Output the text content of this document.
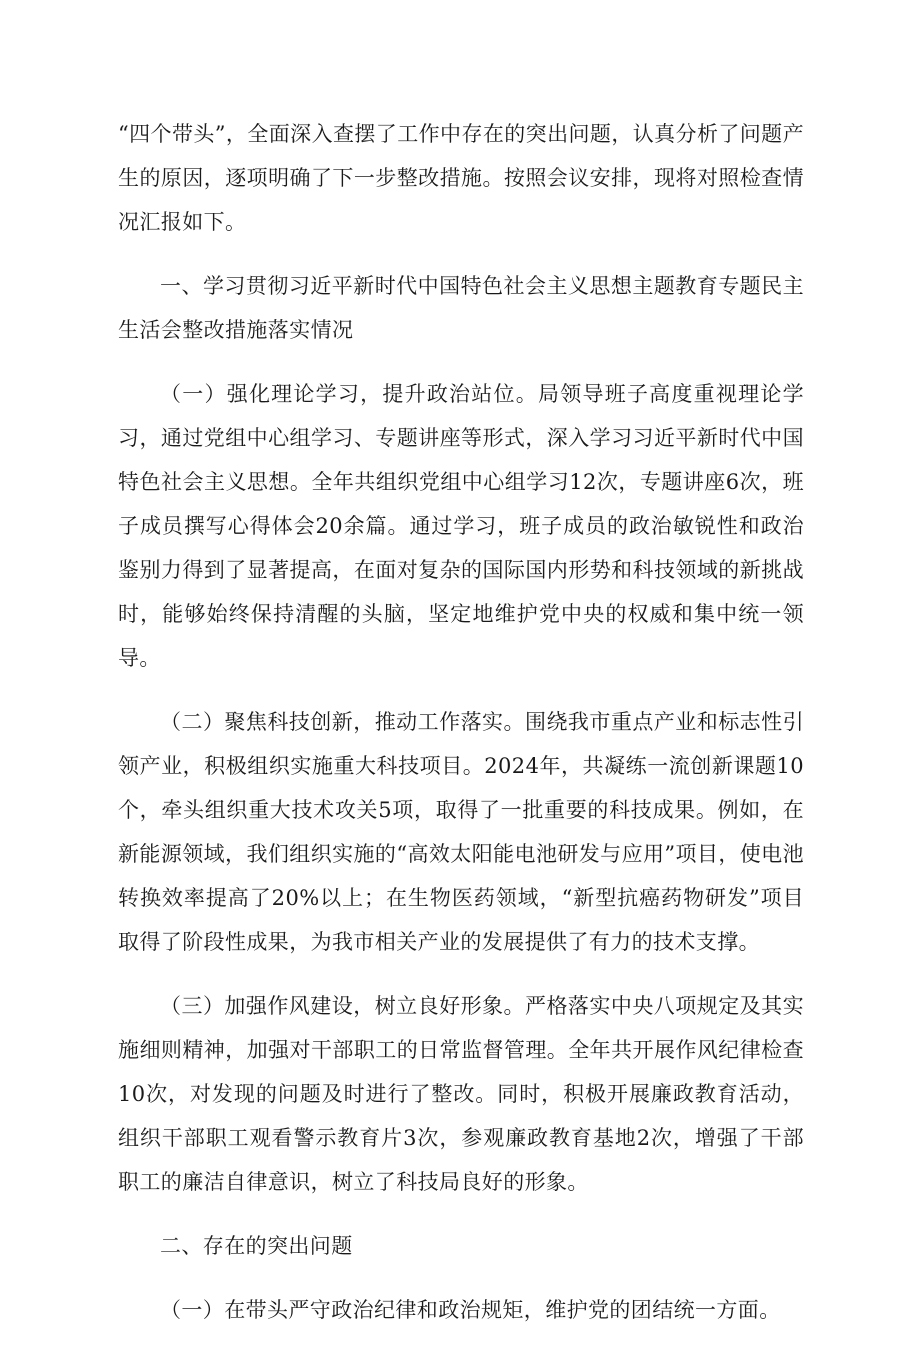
“四个带头”，全面深入查摆了工作中存在的突出问题，认真分析了问题产生的原因，逐项明确了下一步整改措施。按照会议安排，现将对照检查情况汇报如下。

一、学习贯彻习近平新时代中国特色社会主义思想主题教育专题民主生活会整改措施落实情况

（一）强化理论学习，提升政治站位。局领导班子高度重视理论学习，通过党组中心组学习、专题讲座等形式，深入学习习近平新时代中国特色社会主义思想。全年共组织党组中心组学习12次，专题讲座6次，班子成员撰写心得体会20余篇。通过学习，班子成员的政治敏锐性和政治鉴别力得到了显著提高，在面对复杂的国际国内形势和科技领域的新挑战时，能够始终保持清醒的头脑，坚定地维护党中央的权威和集中统一领导。

（二）聚焦科技创新，推动工作落实。围绕我市重点产业和标志性引领产业，积极组织实施重大科技项目。2024年，共凝练一流创新课题10个，牵头组织重大技术攻关5项，取得了一批重要的科技成果。例如，在新能源领域，我们组织实施的“高效太阳能电池研发与应用”项目，使电池转换效率提高了20%以上；在生物医药领域，“新型抗癌药物研发”项目取得了阶段性成果，为我市相关产业的发展提供了有力的技术支撑。

（三）加强作风建设，树立良好形象。严格落实中央八项规定及其实施细则精神，加强对干部职工的日常监督管理。全年共开展作风纪律检查10次，对发现的问题及时进行了整改。同时，积极开展廉政教育活动，组织干部职工观看警示教育片3次，参观廉政教育基地2次，增强了干部职工的廉洁自律意识，树立了科技局良好的形象。

二、存在的突出问题

（一）在带头严守政治纪律和政治规矩，维护党的团结统一方面。
